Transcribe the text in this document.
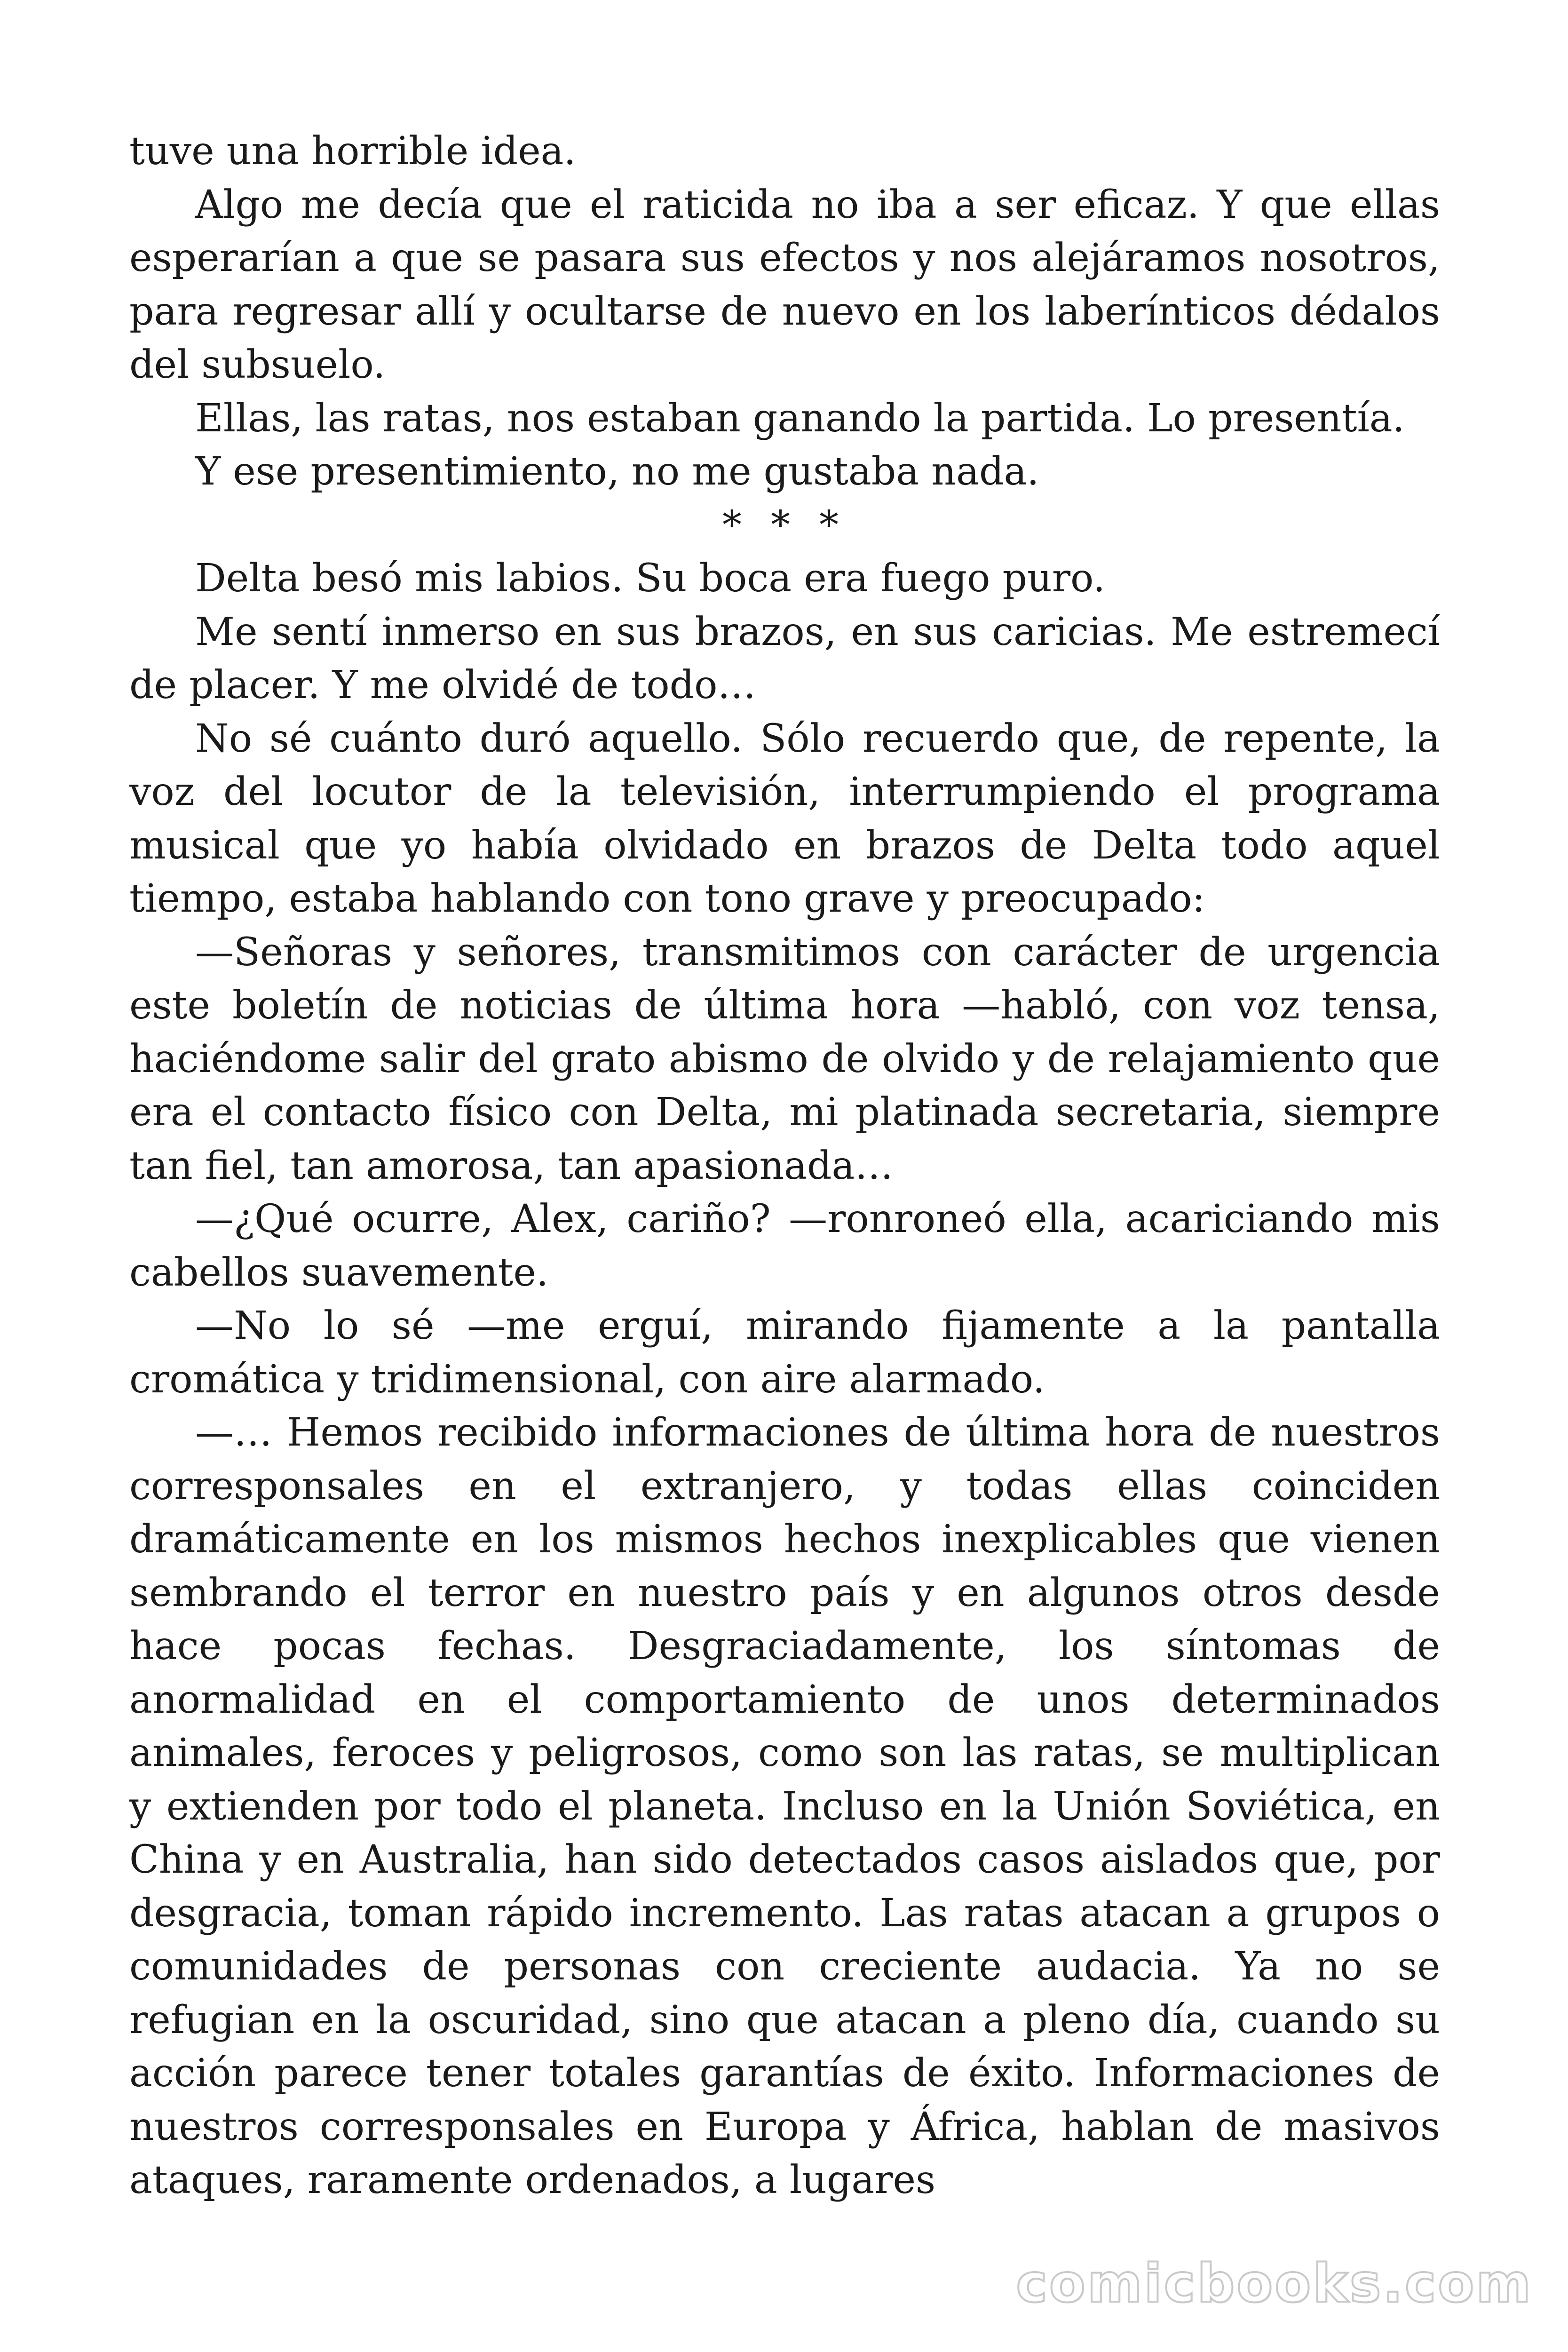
tuve una horrible idea.

Algo me decía que el raticida no iba a ser eficaz. Y que ellas esperarían a que se pasara sus efectos y nos alejáramos nosotros, para regresar allí y ocultarse de nuevo en los laberínticos dédalos del subsuelo.

Ellas, las ratas, nos estaban ganando la partida. Lo presentía.

Y ese presentimiento, no me gustaba nada.

* * *

Delta besó mis labios. Su boca era fuego puro.

Me sentí inmerso en sus brazos, en sus caricias. Me estremecí de placer. Y me olvidé de todo…

No sé cuánto duró aquello. Sólo recuerdo que, de repente, la voz del locutor de la televisión, interrumpiendo el programa musical que yo había olvidado en brazos de Delta todo aquel tiempo, estaba hablando con tono grave y preocupado:

—Señoras y señores, transmitimos con carácter de urgencia este boletín de noticias de última hora —habló, con voz tensa, haciéndome salir del grato abismo de olvido y de relajamiento que era el contacto físico con Delta, mi platinada secretaria, siempre tan fiel, tan amorosa, tan apasionada…

—¿Qué ocurre, Alex, cariño? —ronroneó ella, acariciando mis cabellos suavemente.

—No lo sé —me erguí, mirando fijamente a la pantalla cromática y tridimensional, con aire alarmado.

—… Hemos recibido informaciones de última hora de nuestros corresponsales en el extranjero, y todas ellas coinciden dramáticamente en los mismos hechos inexplicables que vienen sembrando el terror en nuestro país y en algunos otros desde hace pocas fechas. Desgraciadamente, los síntomas de anormalidad en el comportamiento de unos determinados animales, feroces y peligrosos, como son las ratas, se multiplican y extienden por todo el planeta. Incluso en la Unión Soviética, en China y en Australia, han sido detectados casos aislados que, por desgracia, toman rápido incremento. Las ratas atacan a grupos o comunidades de personas con creciente audacia. Ya no se refugian en la oscuridad, sino que atacan a pleno día, cuando su acción parece tener totales garantías de éxito. Informaciones de nuestros corresponsales en Europa y África, hablan de masivos ataques, raramente ordenados, a lugares

comicbooks.com
